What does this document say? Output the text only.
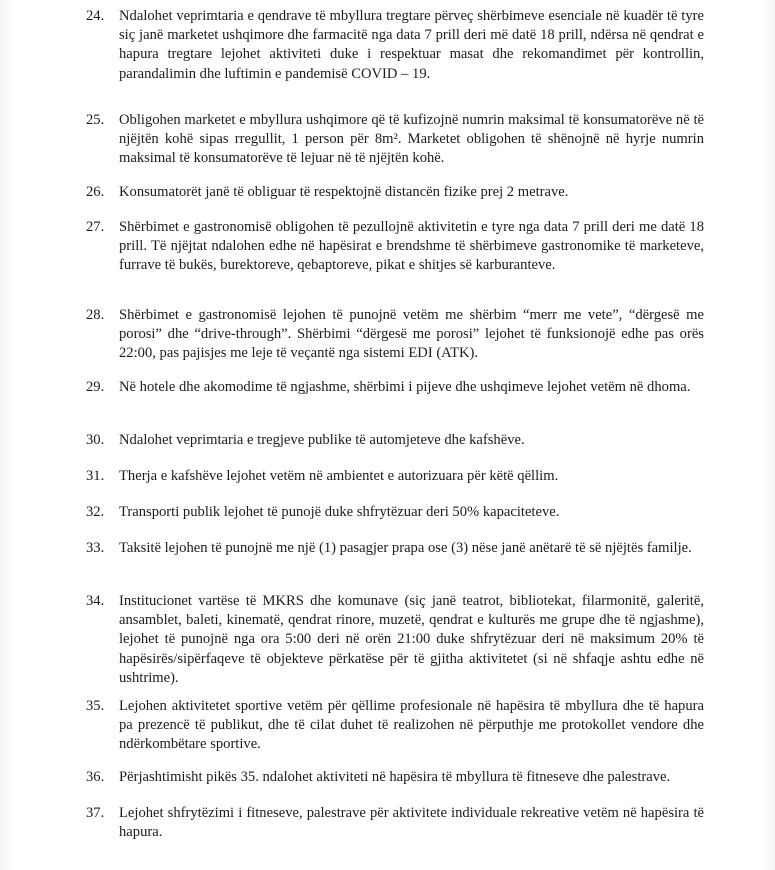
24.	Ndalohet veprimtaria e qendrave të mbyllura tregtare përveç shërbimeve esenciale në kuadër të tyre siç janë marketet ushqimore dhe farmacitë nga data 7 prill deri më datë 18 prill, ndërsa në qendrat e hapura tregtare lejohet aktiviteti duke i respektuar masat dhe rekomandimet për kontrollin, parandalimin dhe luftimin e pandemisë COVID – 19.
25.	Obligohen marketet e mbyllura ushqimore që të kufizojnë numrin maksimal të konsumatorëve në të njëjtën kohë sipas rregullit, 1 person për 8m². Marketet obligohen të shënojnë në hyrje numrin maksimal të konsumatorëve të lejuar në të njëjtën kohë.
26.	Konsumatorët janë të obliguar të respektojnë distancën fizike prej 2 metrave.
27.	Shërbimet e gastronomisë obligohen të pezullojnë aktivitetin e tyre nga data 7 prill deri me datë 18 prill. Të njëjtat ndalohen edhe në hapësirat e brendshme të shërbimeve gastronomike të marketeve, furrave të bukës, burektoreve, qebaptoreve, pikat e shitjes së karburanteve.
28.	Shërbimet e gastronomisë lejohen të punojnë vetëm me shërbim “merr me vete”, “dërgesë me porosi” dhe “drive-through”. Shërbimi “dërgesë me porosi” lejohet të funksionojë edhe pas orës 22:00, pas pajisjes me leje të veçantë nga sistemi EDI (ATK).
29.	Në hotele dhe akomodime të ngjashme, shërbimi i pijeve dhe ushqimeve lejohet vetëm në dhoma.
30.	Ndalohet veprimtaria e tregjeve publike të automjeteve dhe kafshëve.
31.	Therja e kafshëve lejohet vetëm në ambientet e autorizuara për këtë qëllim.
32.	Transporti publik lejohet të punojë duke shfrytëzuar deri 50% kapaciteteve.
33.	Taksitë lejohen të punojnë me një (1) pasagjer prapa ose (3) nëse janë anëtarë të së njëjtës familje.
34.	Institucionet vartëse të MKRS dhe komunave (siç janë teatrot, bibliotekat, filarmonitë, galeritë, ansamblet, baleti, kinematë, qendrat rinore, muzetë, qendrat e kulturës me grupe dhe të ngjashme), lejohet të punojnë nga ora 5:00 deri në orën 21:00 duke shfrytëzuar deri në maksimum 20% të hapësirës/sipërfaqeve të objekteve përkatëse për të gjitha aktivitetet (si në shfaqje ashtu edhe në ushtrime).
35.	Lejohen aktivitetet sportive vetëm për qëllime profesionale në hapësira të mbyllura dhe të hapura pa prezencë të publikut, dhe të cilat duhet të realizohen në përputhje me protokollet vendore dhe ndërkombëtare sportive.
36.	Përjashtimisht pikës 35. ndalohet aktiviteti në hapësira të mbyllura të fitneseve dhe palestrave.
37.	Lejohet shfrytëzimi i fitneseve, palestrave për aktivitete individuale rekreative vetëm në hapësira të hapura.
